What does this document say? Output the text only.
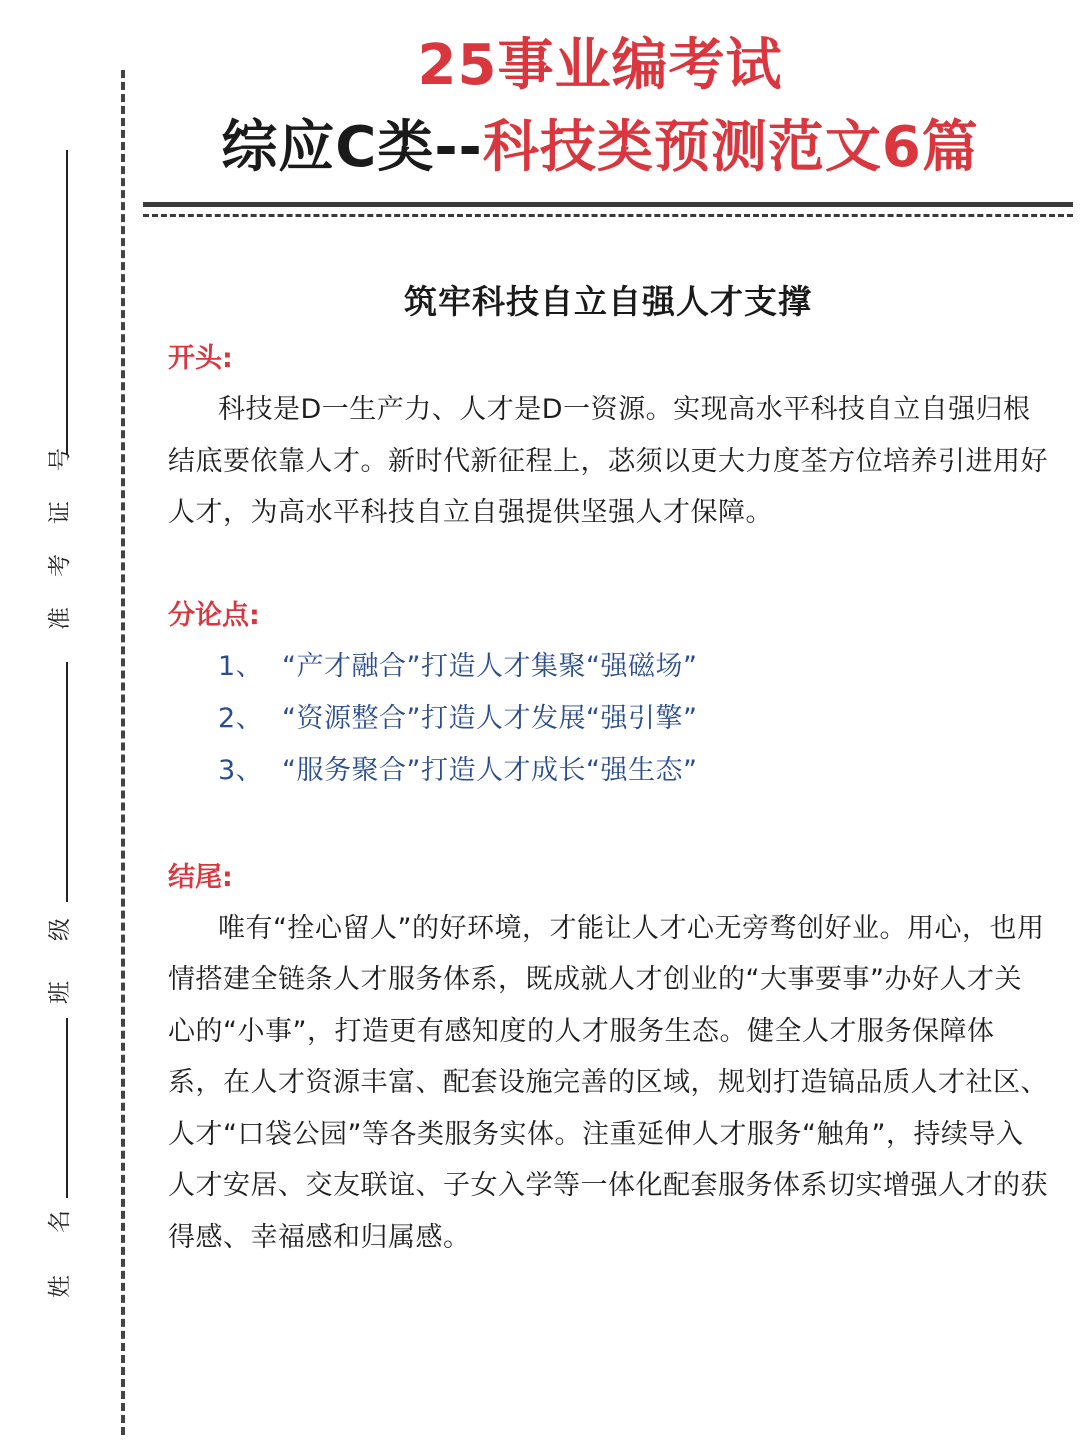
25事业编考试

综应C类--科技类预测范文6篇

号
证
考
准
级
班
名
姓
筑牢科技自立自强人才支撑

开头:

科技是D一生产力、人才是D一资源。实现高水平科技自立自强归根结底要依靠人才。新时代新征程上，苾须以更大力度荃方位培养引进用好人才，为高水平科技自立自强提供坚强人才保障。

分论点:

1、 “产才融合”打造人才集聚“强磁场”
2、 “资源整合”打造人才发展“强引擎”
3、 “服务聚合”打造人才成长“强生态”

结尾:

唯有“拴心留人”的好环境，才能让人才心无旁骛创好业。用心，也用情搭建全链条人才服务体系，既成就人才创业的“大事要事”办好人才关心的“小事”，打造更有感知度的人才服务生态。健全人才服务保障体系，在人才资源丰富、配套设施完善的区域，规划打造镐品质人才社区、人才“口袋公园”等各类服务实体。注重延伸人才服务“触角”，持续导入人才安居、交友联谊、子女入学等一体化配套服务体系切实增强人才的获得感、幸福感和归属感。
